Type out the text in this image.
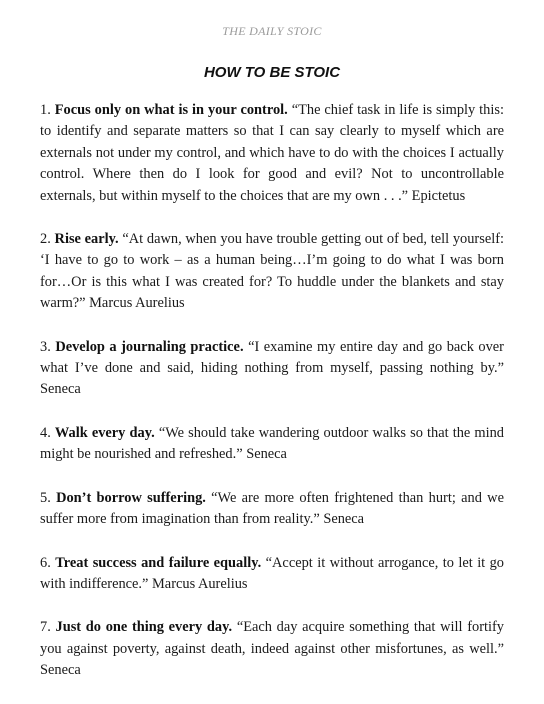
THE DAILY STOIC
HOW TO BE STOIC

1. Focus only on what is in your control. “The chief task in life is simply this: to identify and separate matters so that I can say clearly to myself which are externals not under my control, and which have to do with the choices I actually control. Where then do I look for good and evil? Not to uncontrollable externals, but within myself to the choices that are my own . . .” Epictetus

2. Rise early. “At dawn, when you have trouble getting out of bed, tell yourself: ‘I have to go to work – as a human being…I’m going to do what I was born for…Or is this what I was created for? To huddle under the blankets and stay warm?” Marcus Aurelius

3. Develop a journaling practice. “I examine my entire day and go back over what I’ve done and said, hiding nothing from myself, passing nothing by.” Seneca

4. Walk every day. “We should take wandering outdoor walks so that the mind might be nourished and refreshed.” Seneca

5. Don’t borrow suffering. “We are more often frightened than hurt; and we suffer more from imagination than from reality.” Seneca

6. Treat success and failure equally. “Accept it without arrogance, to let it go with indifference.” Marcus Aurelius

7. Just do one thing every day. “Each day acquire something that will fortify you against poverty, against death, indeed against other misfortunes, as well.” Seneca
